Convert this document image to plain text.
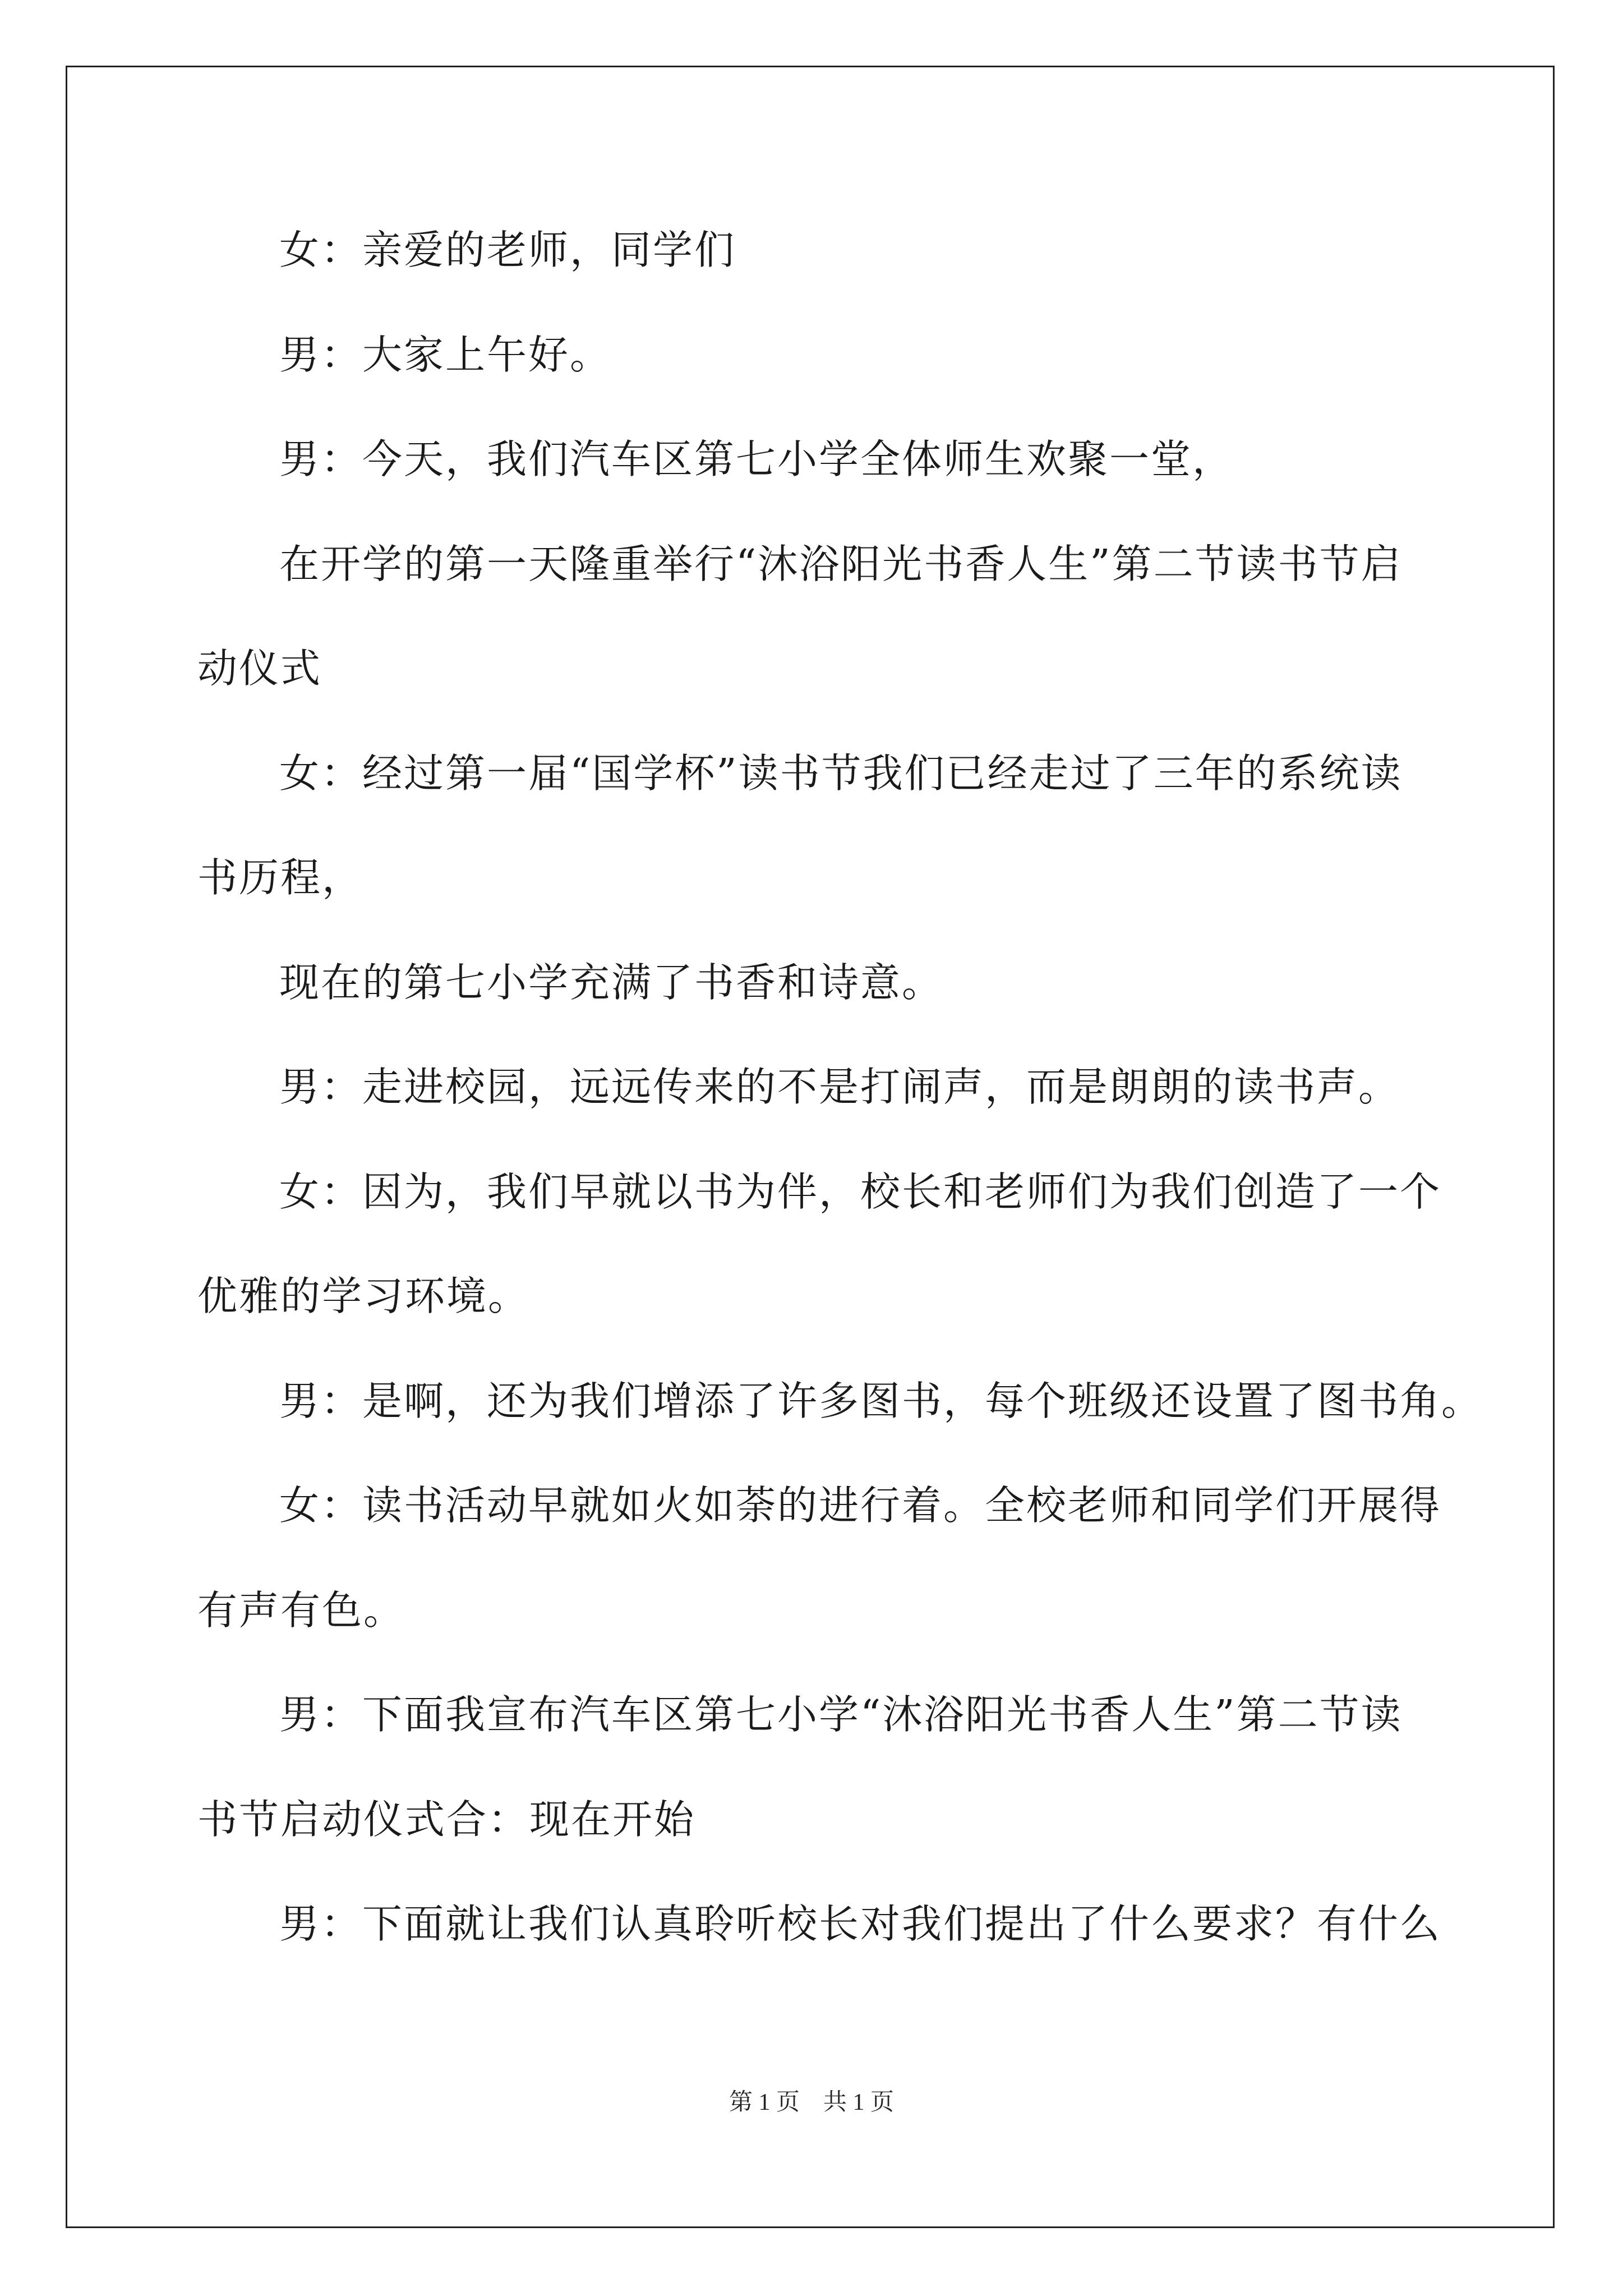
女：亲爱的老师，同学们

男：大家上午好。

男：今天，我们汽车区第七小学全体师生欢聚一堂，

在开学的第一天隆重举行“沐浴阳光书香人生”第二节读书节启

动仪式

女：经过第一届“国学杯”读书节我们已经走过了三年的系统读

书历程，

现在的第七小学充满了书香和诗意。

男：走进校园，远远传来的不是打闹声，而是朗朗的读书声。

女：因为，我们早就以书为伴，校长和老师们为我们创造了一个

优雅的学习环境。

男：是啊，还为我们增添了许多图书，每个班级还设置了图书角。

女：读书活动早就如火如荼的进行着。全校老师和同学们开展得

有声有色。

男：下面我宣布汽车区第七小学“沐浴阳光书香人生”第二节读

书节启动仪式合：现在开始

男：下面就让我们认真聆听校长对我们提出了什么要求？有什么

第 1 页　共 1 页
